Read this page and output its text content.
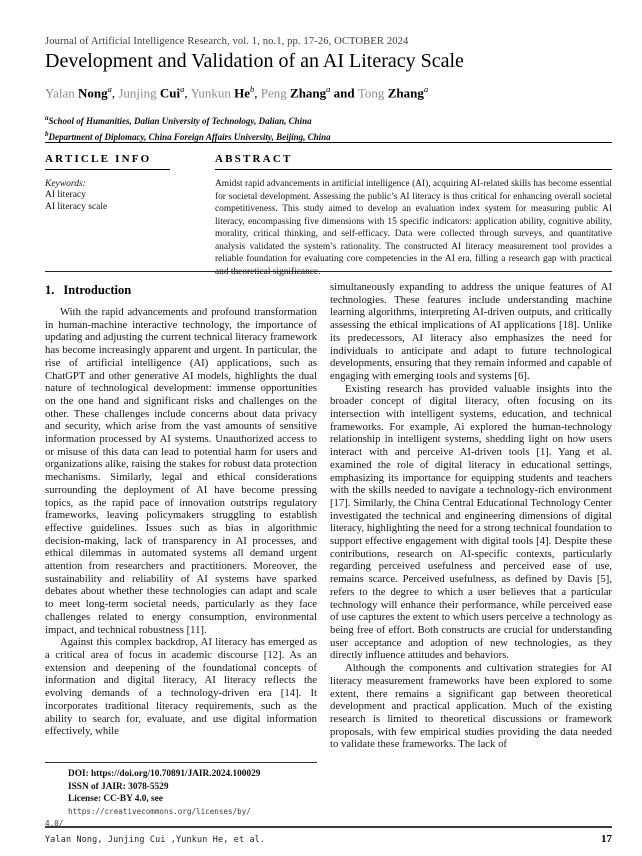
Journal of Artificial Intelligence Research, vol. 1, no.1, pp. 17-26, OCTOBER 2024
Development and Validation of an AI Literacy Scale
Yalan Nong$^a$, Junjing Cui$^a$, Yunkun He$^b$, Peng Zhang$^a$ and Tong Zhang$^a$
$^a$School of Humanities, Dalian University of Technology, Dalian, China
$^b$Department of Diplomacy, China Foreign Affairs University, Beijing, China
ARTICLE INFO
Keywords:
AI literacy
AI literacy scale
ABSTRACT
Amidst rapid advancements in artificial intelligence (AI), acquiring AI-related skills has become essential for societal development. Assessing the public’s AI literacy is thus critical for enhancing overall societal competitiveness. This study aimed to develop an evaluation index system for measuring public AI literacy, encompassing five dimensions with 15 specific indicators: application ability, cognitive ability, morality, critical thinking, and self-efficacy. Data were collected through surveys, and quantitative analysis validated the system’s rationality. The constructed AI literacy measurement tool provides a reliable foundation for evaluating core competencies in the AI era, filling a research gap with practical and theoretical significance.
1. Introduction

With the rapid advancements and profound transformation in human-machine interactive technology, the importance of updating and adjusting the current technical literacy framework has become increasingly apparent and urgent. In particular, the rise of artificial intelligence (AI) applications, such as ChatGPT and other generative AI models, highlights the dual nature of technological development: immense opportunities on the one hand and significant risks and challenges on the other. These challenges include concerns about data privacy and security, which arise from the vast amounts of sensitive information processed by AI systems. Unauthorized access to or misuse of this data can lead to potential harm for users and organizations alike, raising the stakes for robust data protection mechanisms. Similarly, legal and ethical considerations surrounding the deployment of AI have become pressing topics, as the rapid pace of innovation outstrips regulatory frameworks, leaving policymakers struggling to establish effective guidelines. Issues such as bias in algorithmic decision-making, lack of transparency in AI processes, and ethical dilemmas in automated systems all demand urgent attention from researchers and practitioners. Moreover, the sustainability and reliability of AI systems have sparked debates about whether these technologies can adapt and scale to meet long-term societal needs, particularly as they face challenges related to energy consumption, environmental impact, and technical robustness [11].

Against this complex backdrop, AI literacy has emerged as a critical area of focus in academic discourse [12]. As an extension and deepening of the foundational concepts of information and digital literacy, AI literacy reflects the evolving demands of a technology-driven era [14]. It incorporates traditional literacy requirements, such as the ability to search for, evaluate, and use digital information effectively, while

simultaneously expanding to address the unique features of AI technologies. These features include understanding machine learning algorithms, interpreting AI-driven outputs, and critically assessing the ethical implications of AI applications [18]. Unlike its predecessors, AI literacy also emphasizes the need for individuals to anticipate and adapt to future technological developments, ensuring that they remain informed and capable of engaging with emerging tools and systems [6].

Existing research has provided valuable insights into the broader concept of digital literacy, often focusing on its intersection with intelligent systems, education, and technical frameworks. For example, Ai explored the human-technology relationship in intelligent systems, shedding light on how users interact with and perceive AI-driven tools [1]. Yang et al. examined the role of digital literacy in educational settings, emphasizing its importance for equipping students and teachers with the skills needed to navigate a technology-rich environment [17]. Similarly, the China Central Educational Technology Center investigated the technical and engineering dimensions of digital literacy, highlighting the need for a strong technical foundation to support effective engagement with digital tools [4]. Despite these contributions, research on AI-specific contexts, particularly regarding perceived usefulness and perceived ease of use, remains scarce. Perceived usefulness, as defined by Davis [5], refers to the degree to which a user believes that a particular technology will enhance their performance, while perceived ease of use captures the extent to which users perceive a technology as being free of effort. Both constructs are crucial for understanding user acceptance and adoption of new technologies, as they directly influence attitudes and behaviors.

Although the components and cultivation strategies for AI literacy measurement frameworks have been explored to some extent, there remains a significant gap between theoretical development and practical application. Much of the existing research is limited to theoretical discussions or framework proposals, with few empirical studies providing the data needed to validate these frameworks. The lack of

DOI: https://doi.org/10.70891/JAIR.2024.100029
ISSN of JAIR: 3078-5529
License: CC-BY 4.0, see https://creativecommons.org/licenses/by/
4.0/
Yalan Nong, Junjing Cui ,Yunkun He, et al.	17
